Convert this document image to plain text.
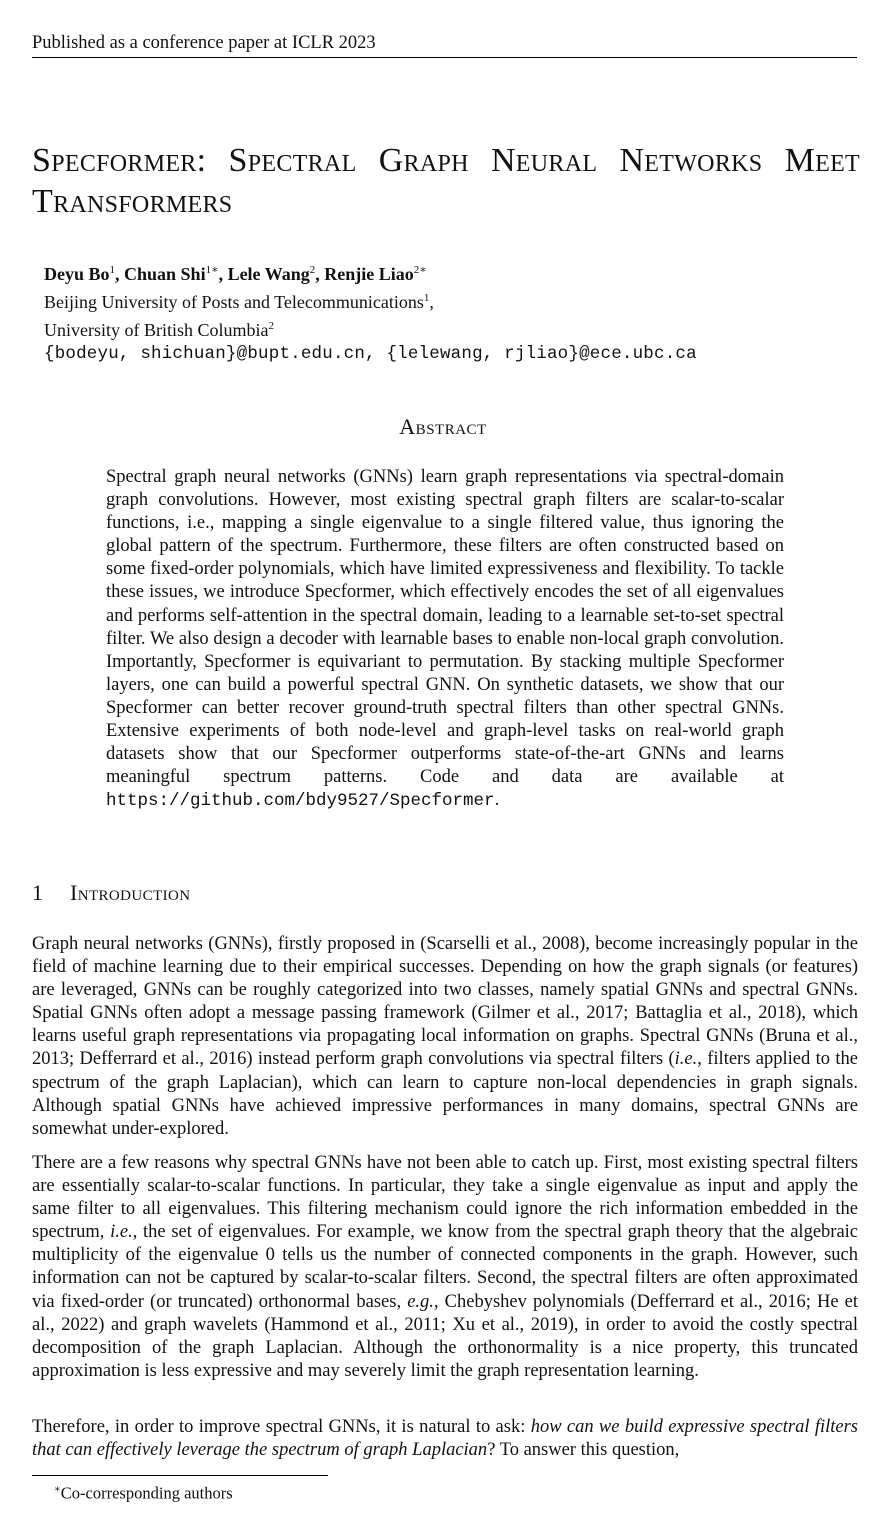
Published as a conference paper at ICLR 2023
Specformer: Spectral Graph Neural Networks Meet Transformers
Deyu Bo$^1$, Chuan Shi$^{1∗}$, Lele Wang$^2$, Renjie Liao$^{2∗}$
Beijing University of Posts and Telecommunications$^1$,
University of British Columbia$^2$
{bodeyu, shichuan}@bupt.edu.cn, {lelewang, rjliao}@ece.ubc.ca
Abstract
Spectral graph neural networks (GNNs) learn graph representations via spectral-domain graph convolutions. However, most existing spectral graph filters are scalar-to-scalar functions, i.e., mapping a single eigenvalue to a single filtered value, thus ignoring the global pattern of the spectrum. Furthermore, these filters are often constructed based on some fixed-order polynomials, which have limited expressiveness and flexibility. To tackle these issues, we introduce Specformer, which effectively encodes the set of all eigenvalues and performs self-attention in the spectral domain, leading to a learnable set-to-set spectral filter. We also design a decoder with learnable bases to enable non-local graph convolution. Importantly, Specformer is equivariant to permutation. By stacking multiple Specformer layers, one can build a powerful spectral GNN. On synthetic datasets, we show that our Specformer can better recover ground-truth spectral filters than other spectral GNNs. Extensive experiments of both node-level and graph-level tasks on real-world graph datasets show that our Specformer outperforms state-of-the-art GNNs and learns meaningful spectrum patterns. Code and data are available at https://github.com/bdy9527/Specformer.
1 Introduction
Graph neural networks (GNNs), firstly proposed in (Scarselli et al., 2008), become increasingly popular in the field of machine learning due to their empirical successes. Depending on how the graph signals (or features) are leveraged, GNNs can be roughly categorized into two classes, namely spatial GNNs and spectral GNNs. Spatial GNNs often adopt a message passing framework (Gilmer et al., 2017; Battaglia et al., 2018), which learns useful graph representations via propagating local information on graphs. Spectral GNNs (Bruna et al., 2013; Defferrard et al., 2016) instead perform graph convolutions via spectral filters (i.e., filters applied to the spectrum of the graph Laplacian), which can learn to capture non-local dependencies in graph signals. Although spatial GNNs have achieved impressive performances in many domains, spectral GNNs are somewhat under-explored.
There are a few reasons why spectral GNNs have not been able to catch up. First, most existing spectral filters are essentially scalar-to-scalar functions. In particular, they take a single eigenvalue as input and apply the same filter to all eigenvalues. This filtering mechanism could ignore the rich information embedded in the spectrum, i.e., the set of eigenvalues. For example, we know from the spectral graph theory that the algebraic multiplicity of the eigenvalue 0 tells us the number of connected components in the graph. However, such information can not be captured by scalar-to-scalar filters. Second, the spectral filters are often approximated via fixed-order (or truncated) orthonormal bases, e.g., Chebyshev polynomials (Defferrard et al., 2016; He et al., 2022) and graph wavelets (Hammond et al., 2011; Xu et al., 2019), in order to avoid the costly spectral decomposition of the graph Laplacian. Although the orthonormality is a nice property, this truncated approximation is less expressive and may severely limit the graph representation learning.
Therefore, in order to improve spectral GNNs, it is natural to ask: how can we build expressive spectral filters that can effectively leverage the spectrum of graph Laplacian? To answer this question,
∗Co-corresponding authors
